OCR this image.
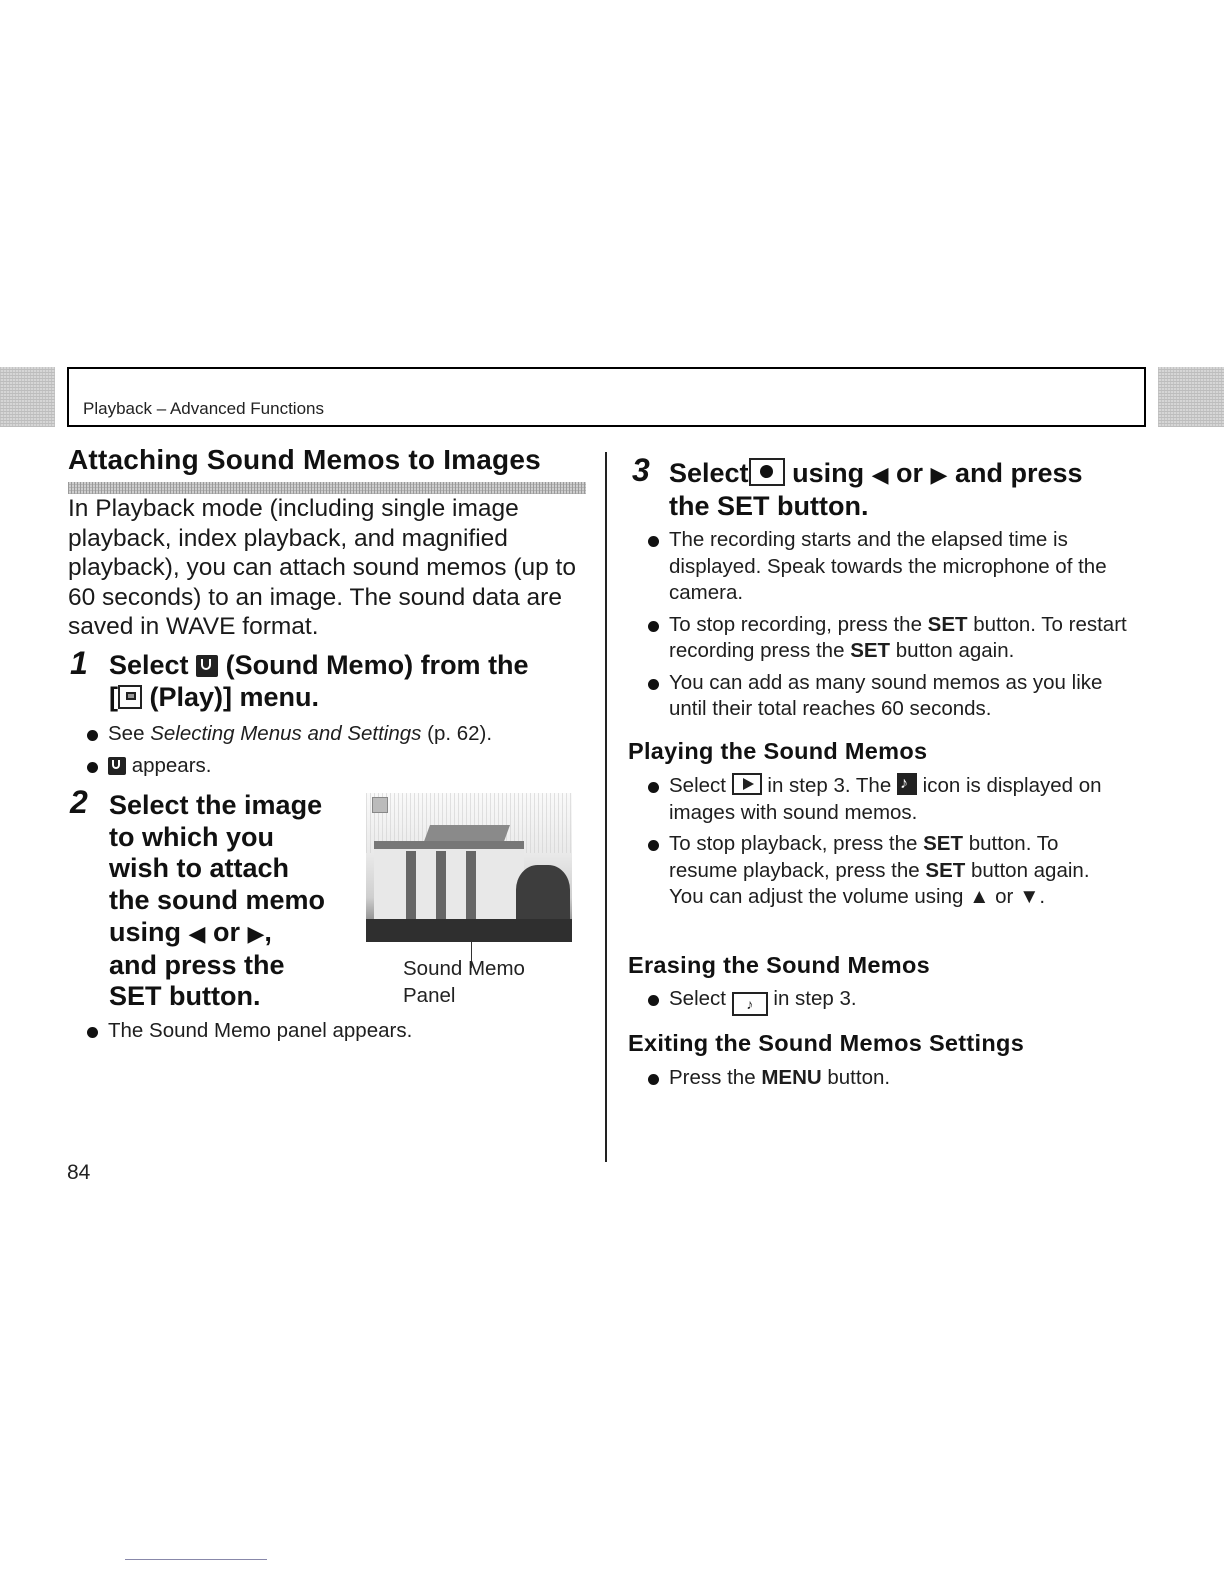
Playback – Advanced Functions
Attaching Sound Memos to Images
In Playback mode (including single image playback, index playback, and magnified playback), you can attach sound memos (up to 60 seconds) to an image. The sound data are saved in WAVE format.
1 Select (Sound Memo) from the
[ (Play)] menu.
See Selecting Menus and Settings (p. 62).
appears.
2 Select the image
to which you
wish to attach
the sound memo
using ◀ or ▶,
and press the
SET button.
Sound Memo
Panel
The Sound Memo panel appears.
3 Select using ◀ or ▶ and press
the SET button.
The recording starts and the elapsed time is displayed. Speak towards the microphone of the camera.
To stop recording, press the SET button. To restart recording press the SET button again.
You can add as many sound memos as you like until their total reaches 60 seconds.
Playing the Sound Memos
Select in step 3. The ♪ icon is displayed on images with sound memos.
To stop playback, press the SET button. To resume playback, press the SET button again. You can adjust the volume using ▲ or ▼.
Erasing the Sound Memos
Select ♪ in step 3.
Exiting the Sound Memos Settings
Press the MENU button.
84
